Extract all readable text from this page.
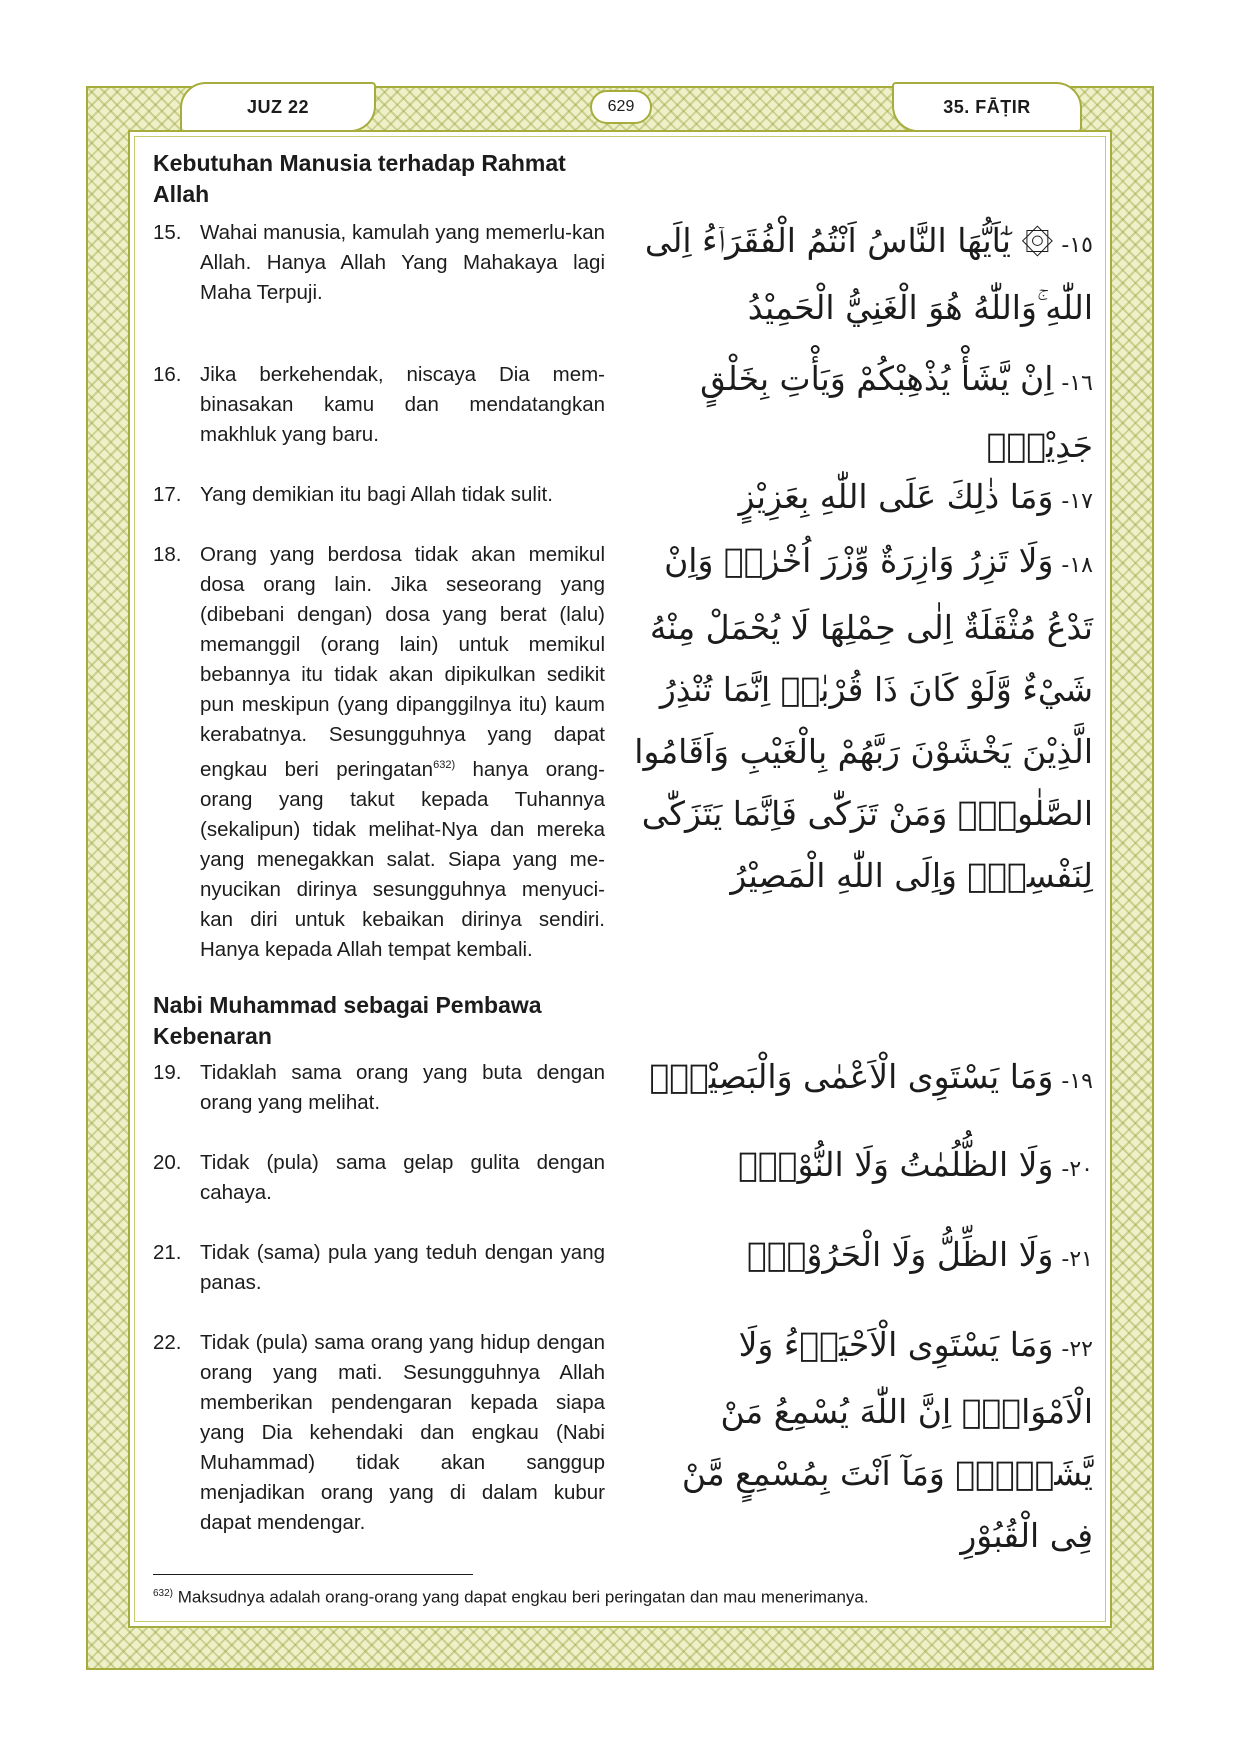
JUZ 22	629	35. FĀṬIR
Kebutuhan Manusia terhadap Rahmat Allah
15. Wahai manusia, kamulah yang memerlu-kan Allah. Hanya Allah Yang Mahakaya lagi Maha Terpuji.
١٥-۞ يٰٓاَيُّهَا النَّاسُ اَنْتُمُ الْفُقَرَاۤءُ اِلَى اللّٰهِ ۚوَاللّٰهُ هُوَ الْغَنِيُّ الْحَمِيْدُ
16. Jika berkehendak, niscaya Dia mem-binasakan kamu dan mendatangkan makhluk yang baru.
١٦-اِنْ يَّشَأْ يُذْهِبْكُمْ وَيَأْتِ بِخَلْقٍ جَدِيْدٍۚ
17. Yang demikian itu bagi Allah tidak sulit.	١٧-وَمَا ذٰلِكَ عَلَى اللّٰهِ بِعَزِيْزٍ
18. Orang yang berdosa tidak akan memikul dosa orang lain. Jika seseorang yang (dibebani dengan) dosa yang berat (lalu) memanggil (orang lain) untuk memikul bebannya itu tidak akan dipikulkan sedikit pun meskipun (yang dipanggilnya itu) kaum kerabatnya. Sesungguhnya yang dapat engkau beri peringatan$^{632)}$ hanya orang-orang yang takut kepada Tuhannya (sekalipun) tidak melihat-Nya dan mereka yang menegakkan salat. Siapa yang me-nyucikan dirinya sesungguhnya menyuci-kan diri untuk kebaikan dirinya sendiri. Hanya kepada Allah tempat kembali.
١٨-وَلَا تَزِرُ وَازِرَةٌ وِّزْرَ اُخْرٰىۗ وَاِنْ تَدْعُ مُثْقَلَةٌ اِلٰى حِمْلِهَا لَا يُحْمَلْ مِنْهُ شَيْءٌ وَّلَوْ كَانَ ذَا قُرْبٰىۗ اِنَّمَا تُنْذِرُ الَّذِيْنَ يَخْشَوْنَ رَبَّهُمْ بِالْغَيْبِ وَاَقَامُوا الصَّلٰوةَۗ وَمَنْ تَزَكّٰى فَاِنَّمَا يَتَزَكّٰى لِنَفْسِهٖۗ وَاِلَى اللّٰهِ الْمَصِيْرُ
Nabi Muhammad sebagai Pembawa Kebenaran
19. Tidaklah sama orang yang buta dengan orang yang melihat.
١٩-وَمَا يَسْتَوِى الْاَعْمٰى وَالْبَصِيْرُۙ
20. Tidak (pula) sama gelap gulita dengan cahaya.
٢٠-وَلَا الظُّلُمٰتُ وَلَا النُّوْرُۙ
21. Tidak (sama) pula yang teduh dengan yang panas.
٢١-وَلَا الظِّلُّ وَلَا الْحَرُوْرُۚ
22. Tidak (pula) sama orang yang hidup dengan orang yang mati. Sesungguhnya Allah memberikan pendengaran kepada siapa yang Dia kehendaki dan engkau (Nabi Muhammad) tidak akan sanggup menjadikan orang yang di dalam kubur dapat mendengar.
٢٢-وَمَا يَسْتَوِى الْاَحْيَاۤءُ وَلَا الْاَمْوَاتُۗ اِنَّ اللّٰهَ يُسْمِعُ مَنْ يَّشَاۤءُۚ وَمَآ اَنْتَ بِمُسْمِعٍ مَّنْ فِى الْقُبُوْرِ
$^{632)}$ Maksudnya adalah orang-orang yang dapat engkau beri peringatan dan mau menerimanya.
